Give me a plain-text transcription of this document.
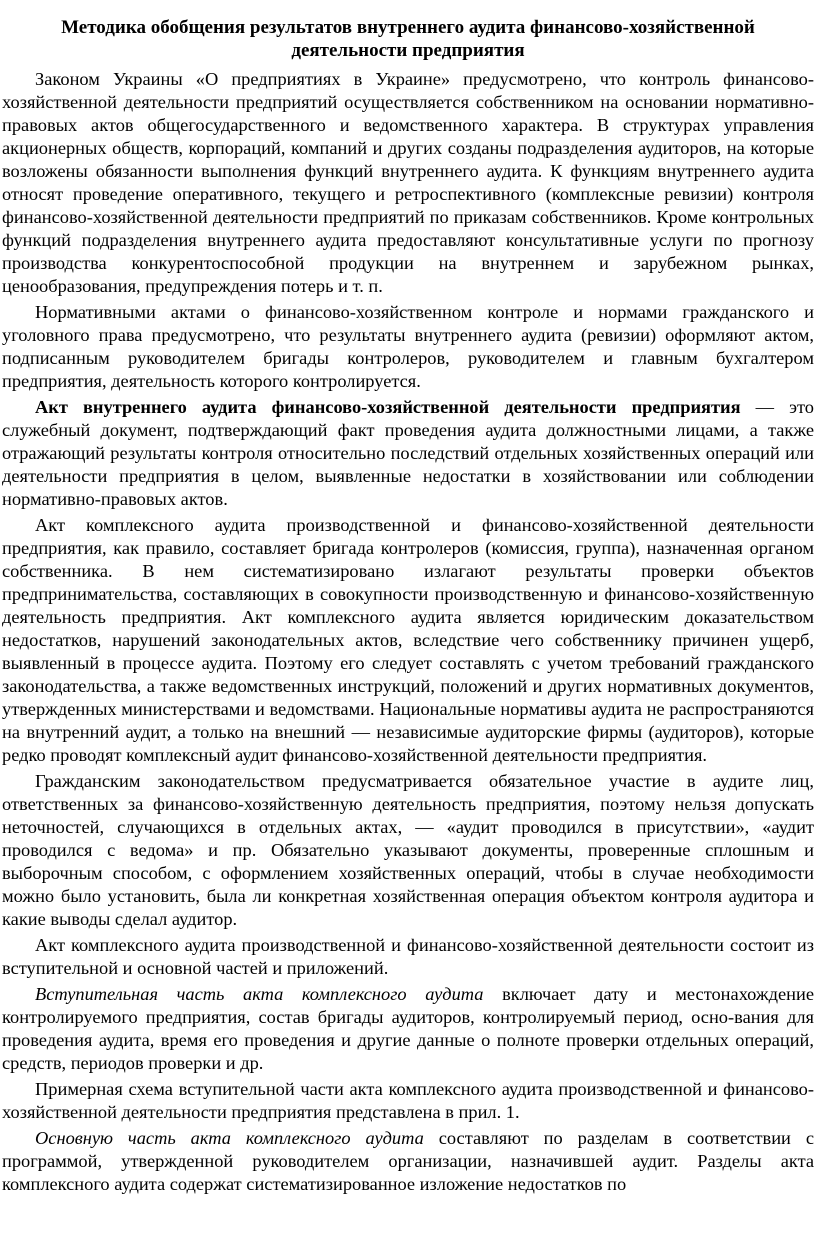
Методика обобщения результатов внутреннего аудита финансово-хозяйственной деятельности предприятия

Законом Украины «О предприятиях в Украине» предусмотрено, что контроль финансово-хозяйственной деятельности предприятий осуществляется собственником на основании нормативно-правовых актов общегосударственного и ведомственного характера. В структурах управления акционерных обществ, корпораций, компаний и других созданы подразделения аудиторов, на которые возложены обязанности выполнения функций внутреннего аудита. К функциям внутреннего аудита относят проведение оперативного, текущего и ретроспективного (комплексные ревизии) контроля финансово-хозяйственной деятельности предприятий по приказам собственников. Кроме контрольных функций подразделения внутреннего аудита предоставляют консультативные услуги по прогнозу производства конкурентоспособной продукции на внутреннем и зарубежном рынках, ценообразования, предупреждения потерь и т. п.

Нормативными актами о финансово-хозяйственном контроле и нормами гражданского и уголовного права предусмотрено, что результаты внутреннего аудита (ревизии) оформляют актом, подписанным руководителем бригады контролеров, руководителем и главным бухгалтером предприятия, деятельность которого контролируется.

Акт внутреннего аудита финансово-хозяйственной деятельности предприятия — это служебный документ, подтверждающий факт проведения аудита должностными лицами, а также отражающий результаты контроля относительно последствий отдельных хозяйственных операций или деятельности предприятия в целом, выявленные недостатки в хозяйствовании или соблюдении нормативно-правовых актов.

Акт комплексного аудита производственной и финансово-хозяйственной деятельности предприятия, как правило, составляет бригада контролеров (комиссия, группа), назначенная органом собственника. В нем систематизировано излагают результаты проверки объектов предпринимательства, составляющих в совокупности производственную и финансово-хозяйственную деятельность предприятия. Акт комплексного аудита является юридическим доказательством недостатков, нарушений законодательных актов, вследствие чего собственнику причинен ущерб, выявленный в процессе аудита. Поэтому его следует составлять с учетом требований гражданского законодательства, а также ведомственных инструкций, положений и других нормативных документов, утвержденных министерствами и ведомствами. Национальные нормативы аудита не распространяются на внутренний аудит, а только на внешний — независимые аудиторские фирмы (аудиторов), которые редко проводят комплексный аудит финансово-хозяйственной деятельности предприятия.

Гражданским законодательством предусматривается обязательное участие в аудите лиц, ответственных за финансово-хозяйственную деятельность предприятия, поэтому нельзя допускать неточностей, случающихся в отдельных актах, — «аудит проводился в присутствии», «аудит проводился с ведома» и пр. Обязательно указывают документы, проверенные сплошным и выборочным способом, с оформлением хозяйственных операций, чтобы в случае необходимости можно было установить, была ли конкретная хозяйственная операция объектом контроля аудитора и какие выводы сделал аудитор.

Акт комплексного аудита производственной и финансово-хозяйственной деятельности состоит из вступительной и основной частей и приложений.

Вступительная часть акта комплексного аудита включает дату и местонахождение контролируемого предприятия, состав бригады аудиторов, контролируемый период, осно-вания для проведения аудита, время его проведения и другие данные о полноте проверки отдельных операций, средств, периодов проверки и др.

Примерная схема вступительной части акта комплексного аудита производственной и финансово-хозяйственной деятельности предприятия представлена в прил. 1.

Основную часть акта комплексного аудита составляют по разделам в соответствии с программой, утвержденной руководителем организации, назначившей аудит. Разделы акта комплексного аудита содержат систематизированное изложение недостатков по
